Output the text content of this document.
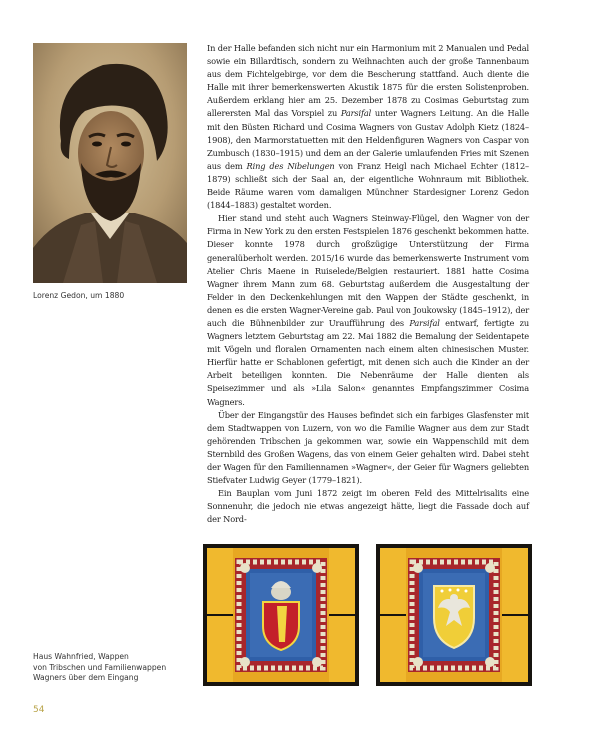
Lorenz Gedon, um 1880

In der Halle befanden sich nicht nur ein Harmonium mit 2 Manualen und Pedal sowie ein Billardtisch, sondern zu Weihnachten auch der große Tannenbaum aus dem Fichtelgebirge, vor dem die Bescherung stattfand. Auch diente die Halle mit ihrer bemerkenswerten Akustik 1875 für die ersten Solistenproben. Außerdem erklang hier am 25. Dezember 1878 zu Cosimas Geburtstag zum allerersten Mal das Vorspiel zu Parsifal unter Wagners Leitung. An die Halle mit den Büsten Richard und Cosima Wagners von Gustav Adolph Kietz (1824–1908), den Marmorstatuetten mit den Heldenfiguren Wagners von Caspar von Zumbusch (1830–1915) und dem an der Galerie umlaufenden Fries mit Szenen aus dem Ring des Nibelungen von Franz Heigl nach Michael Echter (1812–1879) schließt sich der Saal an, der eigentliche Wohnraum mit Bibliothek. Beide Räume waren vom damaligen Münchner Stardesigner Lorenz Gedon (1844–1883) gestaltet worden.

Hier stand und steht auch Wagners Steinway-Flügel, den Wagner von der Firma in New York zu den ersten Festspielen 1876 geschenkt bekommen hatte. Dieser konnte 1978 durch großzügige Unterstützung der Firma generalüberholt werden. 2015/16 wurde das bemerkenswerte Instrument vom Atelier Chris Maene in Ruiselede/Belgien restauriert. 1881 hatte Cosima Wagner ihrem Mann zum 68. Geburtstag außerdem die Ausgestaltung der Felder in den Deckenkehlungen mit den Wappen der Städte geschenkt, in denen es die ersten Wagner-Vereine gab. Paul von Joukowsky (1845–1912), der auch die Bühnenbilder zur Uraufführung des Parsifal entwarf, fertigte zu Wagners letztem Geburtstag am 22. Mai 1882 die Bemalung der Seidentapete mit Vögeln und floralen Ornamenten nach einem alten chinesischen Muster. Hierfür hatte er Schablonen gefertigt, mit denen sich auch die Kinder an der Arbeit beteiligen konnten. Die Nebenräume der Halle dienten als Speisezimmer und als »Lila Salon« genanntes Empfangszimmer Cosima Wagners.

Über der Eingangstür des Hauses befindet sich ein farbiges Glasfenster mit dem Stadtwappen von Luzern, von wo die Familie Wagner aus dem zur Stadt gehörenden Tribschen ja gekommen war, sowie ein Wappenschild mit dem Sternbild des Großen Wagens, das von einem Geier gehalten wird. Dabei steht der Wagen für den Familiennamen »Wagner«, der Geier für Wagners geliebten Stiefvater Ludwig Geyer (1779–1821).

Ein Bauplan vom Juni 1872 zeigt im oberen Feld des Mittelrisalits eine Sonnenuhr, die jedoch nie etwas angezeigt hätte, liegt die Fassade doch auf der Nord-

Haus Wahnfried, Wappen
von Tribschen und Familienwappen
Wagners über dem Eingang
54
